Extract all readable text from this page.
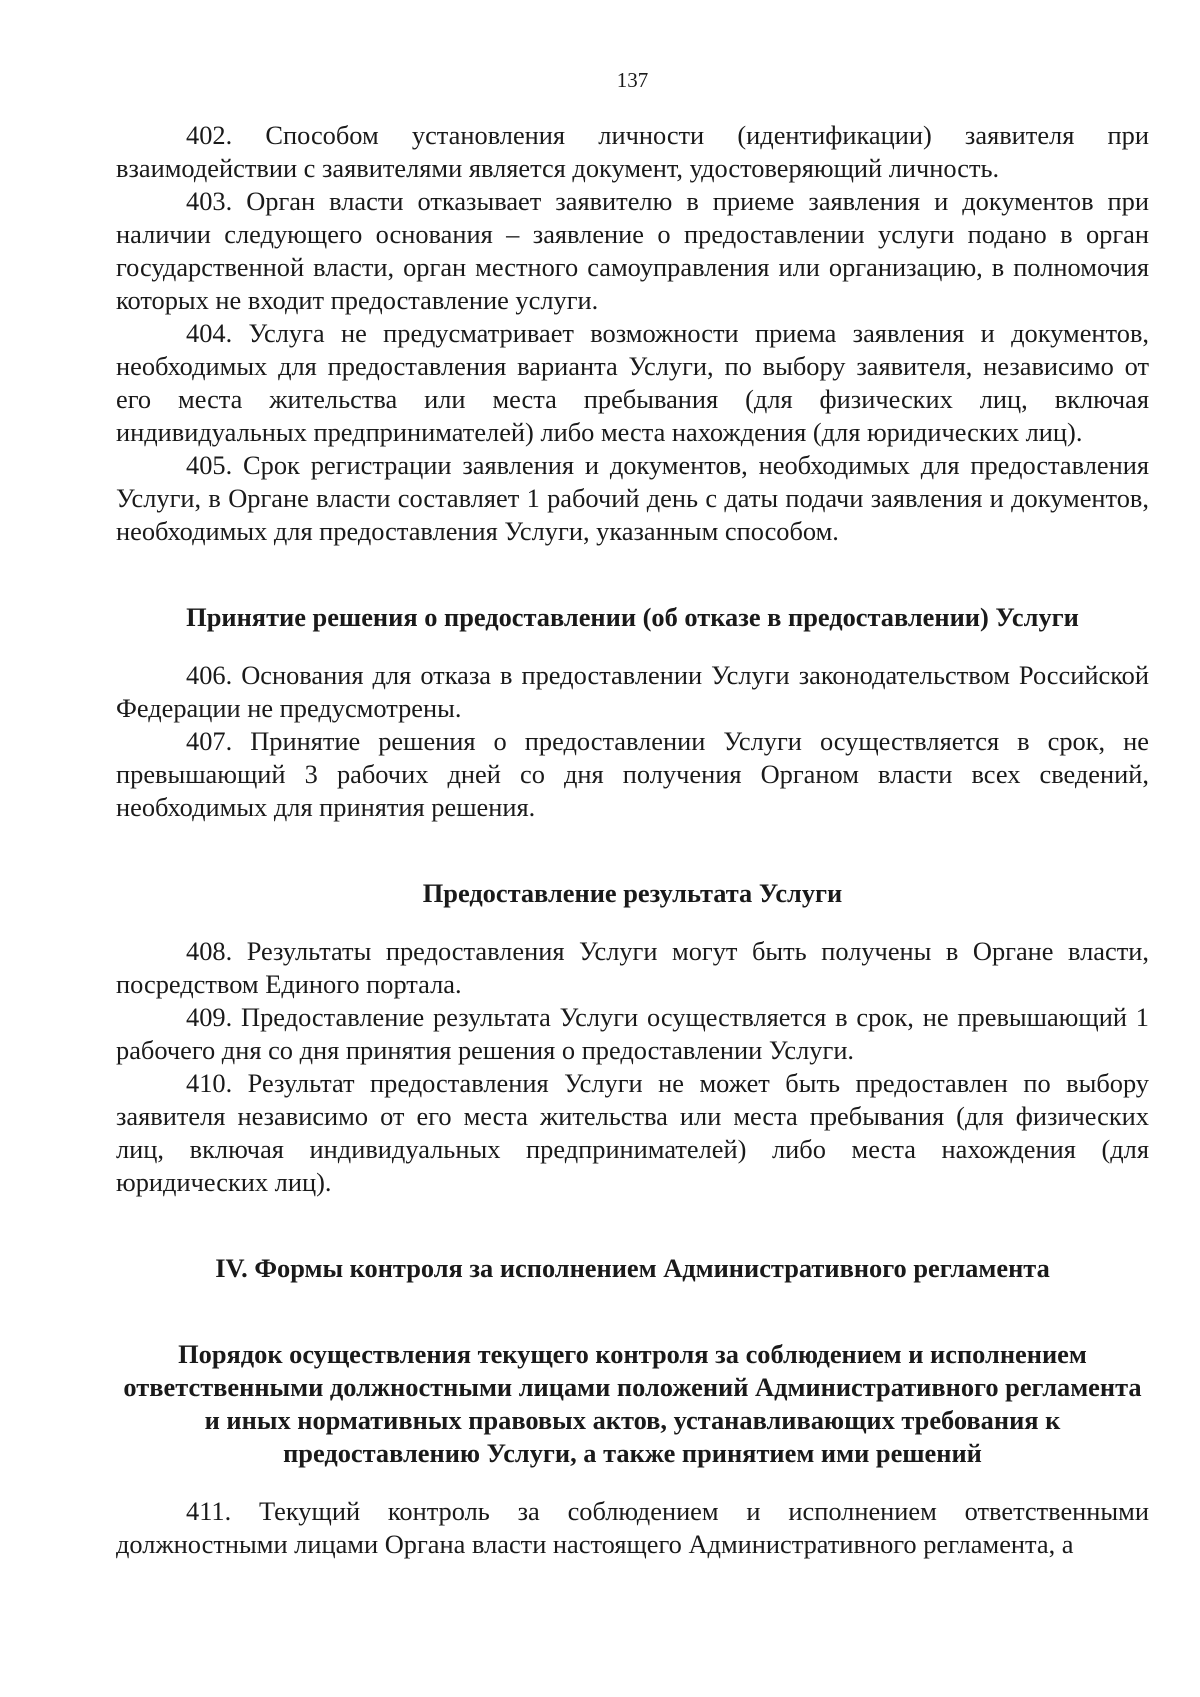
137

402. Способом установления личности (идентификации) заявителя при взаимодействии с заявителями является документ, удостоверяющий личность.

403. Орган власти отказывает заявителю в приеме заявления и документов при наличии следующего основания – заявление о предоставлении услуги подано в орган государственной власти, орган местного самоуправления или организацию, в полномочия которых не входит предоставление услуги.

404. Услуга не предусматривает возможности приема заявления и документов, необходимых для предоставления варианта Услуги, по выбору заявителя, независимо от его места жительства или места пребывания (для физических лиц, включая индивидуальных предпринимателей) либо места нахождения (для юридических лиц).

405. Срок регистрации заявления и документов, необходимых для предоставления Услуги, в Органе власти составляет 1 рабочий день с даты подачи заявления и документов, необходимых для предоставления Услуги, указанным способом.

Принятие решения о предоставлении (об отказе в предоставлении) Услуги

406. Основания для отказа в предоставлении Услуги законодательством Российской Федерации не предусмотрены.

407. Принятие решения о предоставлении Услуги осуществляется в срок, не превышающий 3 рабочих дней со дня получения Органом власти всех сведений, необходимых для принятия решения.

Предоставление результата Услуги

408. Результаты предоставления Услуги могут быть получены в Органе власти, посредством Единого портала.

409. Предоставление результата Услуги осуществляется в срок, не превышающий 1 рабочего дня со дня принятия решения о предоставлении Услуги.

410. Результат предоставления Услуги не может быть предоставлен по выбору заявителя независимо от его места жительства или места пребывания (для физических лиц, включая индивидуальных предпринимателей) либо места нахождения (для юридических лиц).

IV. Формы контроля за исполнением Административного регламента
Порядок осуществления текущего контроля за соблюдением и исполнением ответственными должностными лицами положений Административного регламента и иных нормативных правовых актов, устанавливающих требования к предоставлению Услуги, а также принятием ими решений

411. Текущий контроль за соблюдением и исполнением ответственными должностными лицами Органа власти настоящего Административного регламента, а
